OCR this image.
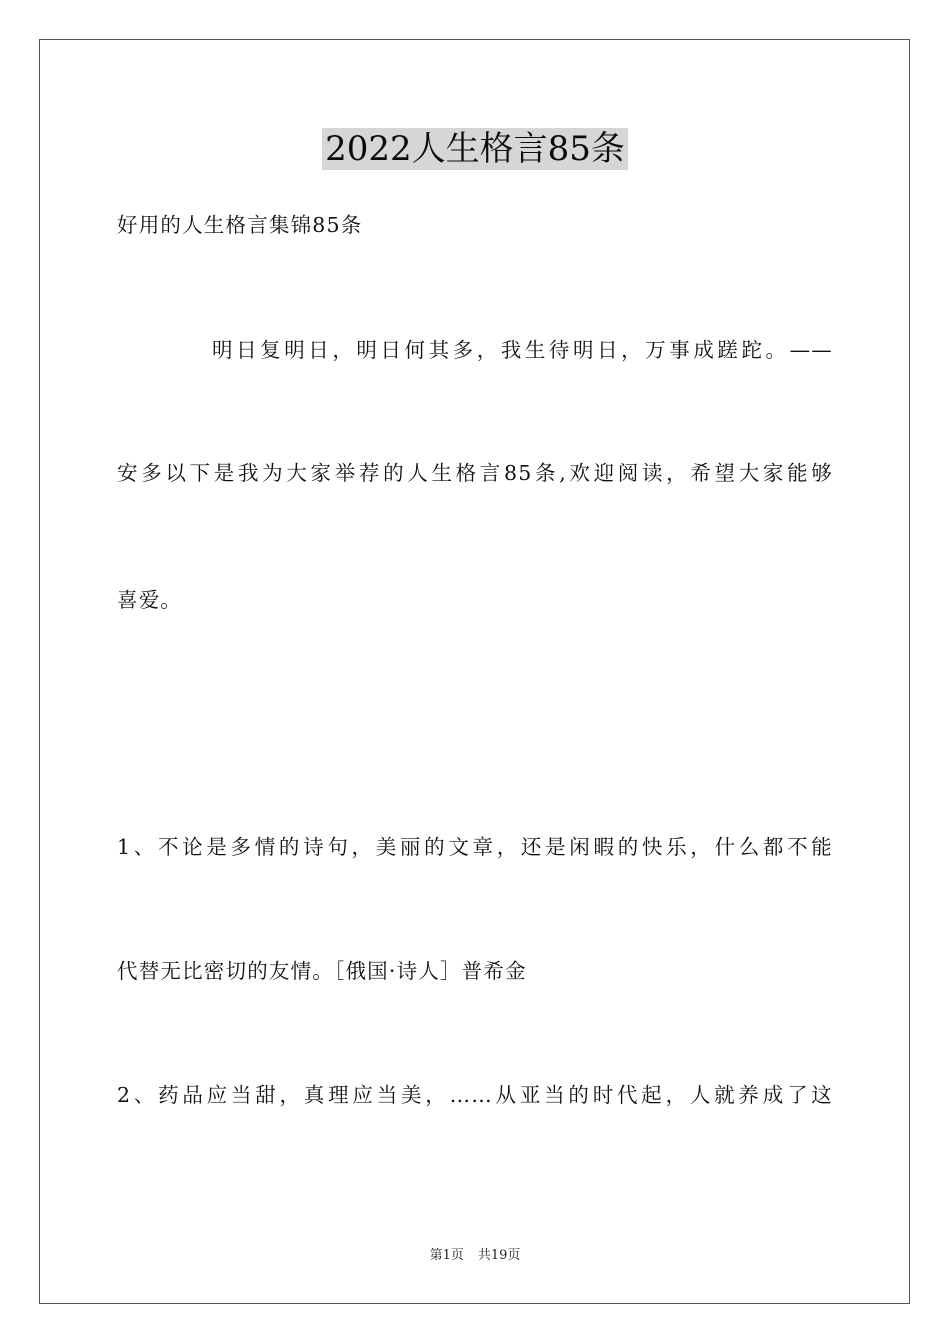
2022人生格言85条
好用的人生格言集锦85条
明日复明日，明日何其多，我生待明日，万事成蹉跎。——
安多以下是我为大家举荐的人生格言85条,欢迎阅读，希望大家能够
喜爱。
1、不论是多情的诗句，美丽的文章，还是闲暇的快乐，什么都不能
代替无比密切的友情。［俄国·诗人］普希金
2、药品应当甜，真理应当美，……从亚当的时代起，人就养成了这
第1页 共19页
